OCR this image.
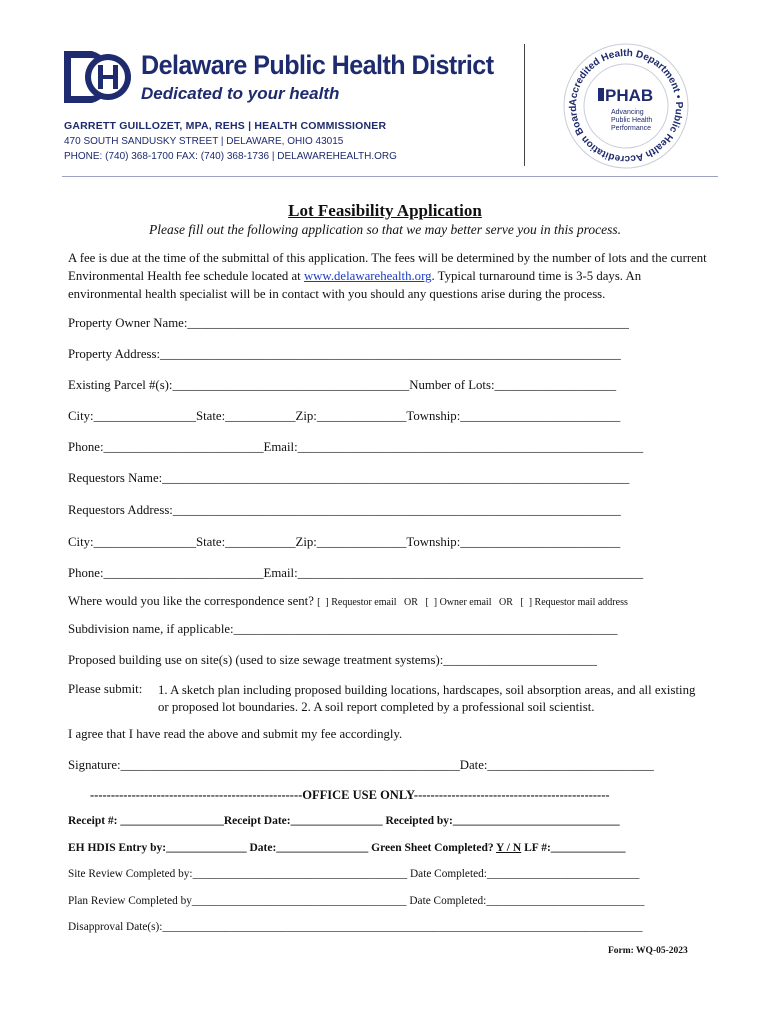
Delaware Public Health District
Dedicated to your health
GARRETT GUILLOZET, MPA, REHS | HEALTH COMMISSIONER
470 SOUTH SANDUSKY STREET | DELAWARE, OHIO 43015
PHONE: (740) 368-1700 FAX: (740) 368-1736 | DELAWAREHEALTH.ORG
Accredited Health Department • Public Health Accreditation Board
PHAB
Advancing
Public Health
Performance
Lot Feasibility Application
Please fill out the following application so that we may better serve you in this process.
A fee is due at the time of the submittal of this application. The fees will be determined by the number of lots and the current Environmental Health fee schedule located at www.delawarehealth.org. Typical turnaround time is 3-5 days. An environmental health specialist will be in contact with you should any questions arise during the process.
Property Owner Name:_____________________________________________________________________
Property Address:________________________________________________________________________
Existing Parcel #(s):_____________________________________Number of Lots:___________________
City:________________State:___________Zip:______________Township:_________________________
Phone:_________________________Email:______________________________________________________
Requestors Name:_________________________________________________________________________
Requestors Address:______________________________________________________________________
City:________________State:___________Zip:______________Township:_________________________
Phone:_________________________Email:______________________________________________________
Where would you like the correspondence sent? [  ] Requestor email   OR   [  ] Owner email   OR   [  ] Requestor mail address
Subdivision name, if applicable:____________________________________________________________
Proposed building use on site(s) (used to size sewage treatment systems):________________________
Please submit: 1. A sketch plan including proposed building locations, hardscapes, soil absorption areas, and all existing or proposed lot boundaries. 2. A soil report completed by a professional soil scientist.
I agree that I have read the above and submit my fee accordingly.
Signature:_____________________________________________________Date:__________________________
---------------------------------------------------OFFICE USE ONLY-----------------------------------------------
Receipt #: __________________Receipt Date:________________ Receipted by:_____________________________
EH HDIS Entry by:______________ Date:________________ Green Sheet Completed? Y / N LF #:_____________
Site Review Completed by:______________________________________ Date Completed:___________________________
Plan Review Completed by______________________________________ Date Completed:____________________________
Disapproval Date(s):_____________________________________________________________________________________
Form: WQ-05-2023
